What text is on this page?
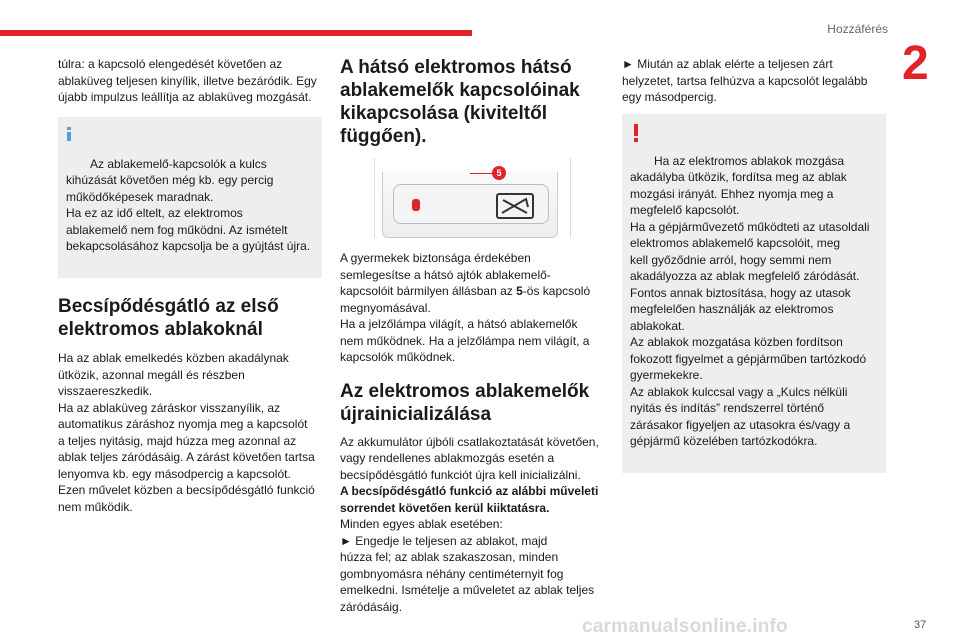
Hozzáférés
2

túlra: a kapcsoló elengedését követően az
ablaküveg teljesen kinyílik, illetve bezáródik. Egy
újabb impulzus leállítja az ablaküveg mozgását.

Az ablakemelő-kapcsolók a kulcs
kihúzását követően még kb. egy percig
működőképesek maradnak.
Ha ez az idő eltelt, az elektromos
ablakemelő nem fog működni. Az ismételt
bekapcsolásához kapcsolja be a gyújtást újra.

Becsípődésgátló az első elektromos ablakoknál

Ha az ablak emelkedés közben akadálynak
ütközik, azonnal megáll és részben
visszaereszkedik.
Ha az ablaküveg záráskor visszanyílik, az
automatikus záráshoz nyomja meg a kapcsolót
a teljes nyitásig, majd húzza meg azonnal az
ablak teljes záródásáig. A zárást követően tartsa
lenyomva kb. egy másodpercig a kapcsolót.
Ezen művelet közben a becsípődésgátló funkció
nem működik.

A hátsó elektromos hátsó ablakemelők kapcsolóinak kikapcsolása (kiviteltől függően).
5

A gyermekek biztonsága érdekében
semlegesítse a hátsó ajtók ablakemelő-
kapcsolóit bármilyen állásban az 5-ös kapcsoló
megnyomásával.
Ha a jelzőlámpa világít, a hátsó ablakemelők
nem működnek. Ha a jelzőlámpa nem világít, a
kapcsolók működnek.

Az elektromos ablakemelők újrainicializálása

Az akkumulátor újbóli csatlakoztatását követően,
vagy rendellenes ablakmozgás esetén a
becsípődésgátló funkciót újra kell inicializálni.
A becsípődésgátló funkció az alábbi műveleti
sorrendet követően kerül kiiktatásra.
Minden egyes ablak esetében:
► Engedje le teljesen az ablakot, majd
húzza fel; az ablak szakaszosan, minden
gombnyomásra néhány centiméternyit fog
emelkedni. Ismételje a műveletet az ablak teljes
záródásáig.

► Miután az ablak elérte a teljesen zárt
helyzetet, tartsa felhúzva a kapcsolót legalább
egy másodpercig.

Ha az elektromos ablakok mozgása
akadályba ütközik, fordítsa meg az ablak
mozgási irányát. Ehhez nyomja meg a
megfelelő kapcsolót.
Ha a gépjárművezető működteti az utasoldali
elektromos ablakemelő kapcsolóit, meg
kell győződnie arról, hogy semmi nem
akadályozza az ablak megfelelő záródását.
Fontos annak biztosítása, hogy az utasok
megfelelően használják az elektromos
ablakokat.
Az ablakok mozgatása közben fordítson
fokozott figyelmet a gépjárműben tartózkodó
gyermekekre.
Az ablakok kulccsal vagy a „Kulcs nélküli
nyitás és indítás” rendszerrel történő
zárásakor figyeljen az utasokra és/vagy a
gépjármű közelében tartózkodókra.

carmanualsonline.info	37
